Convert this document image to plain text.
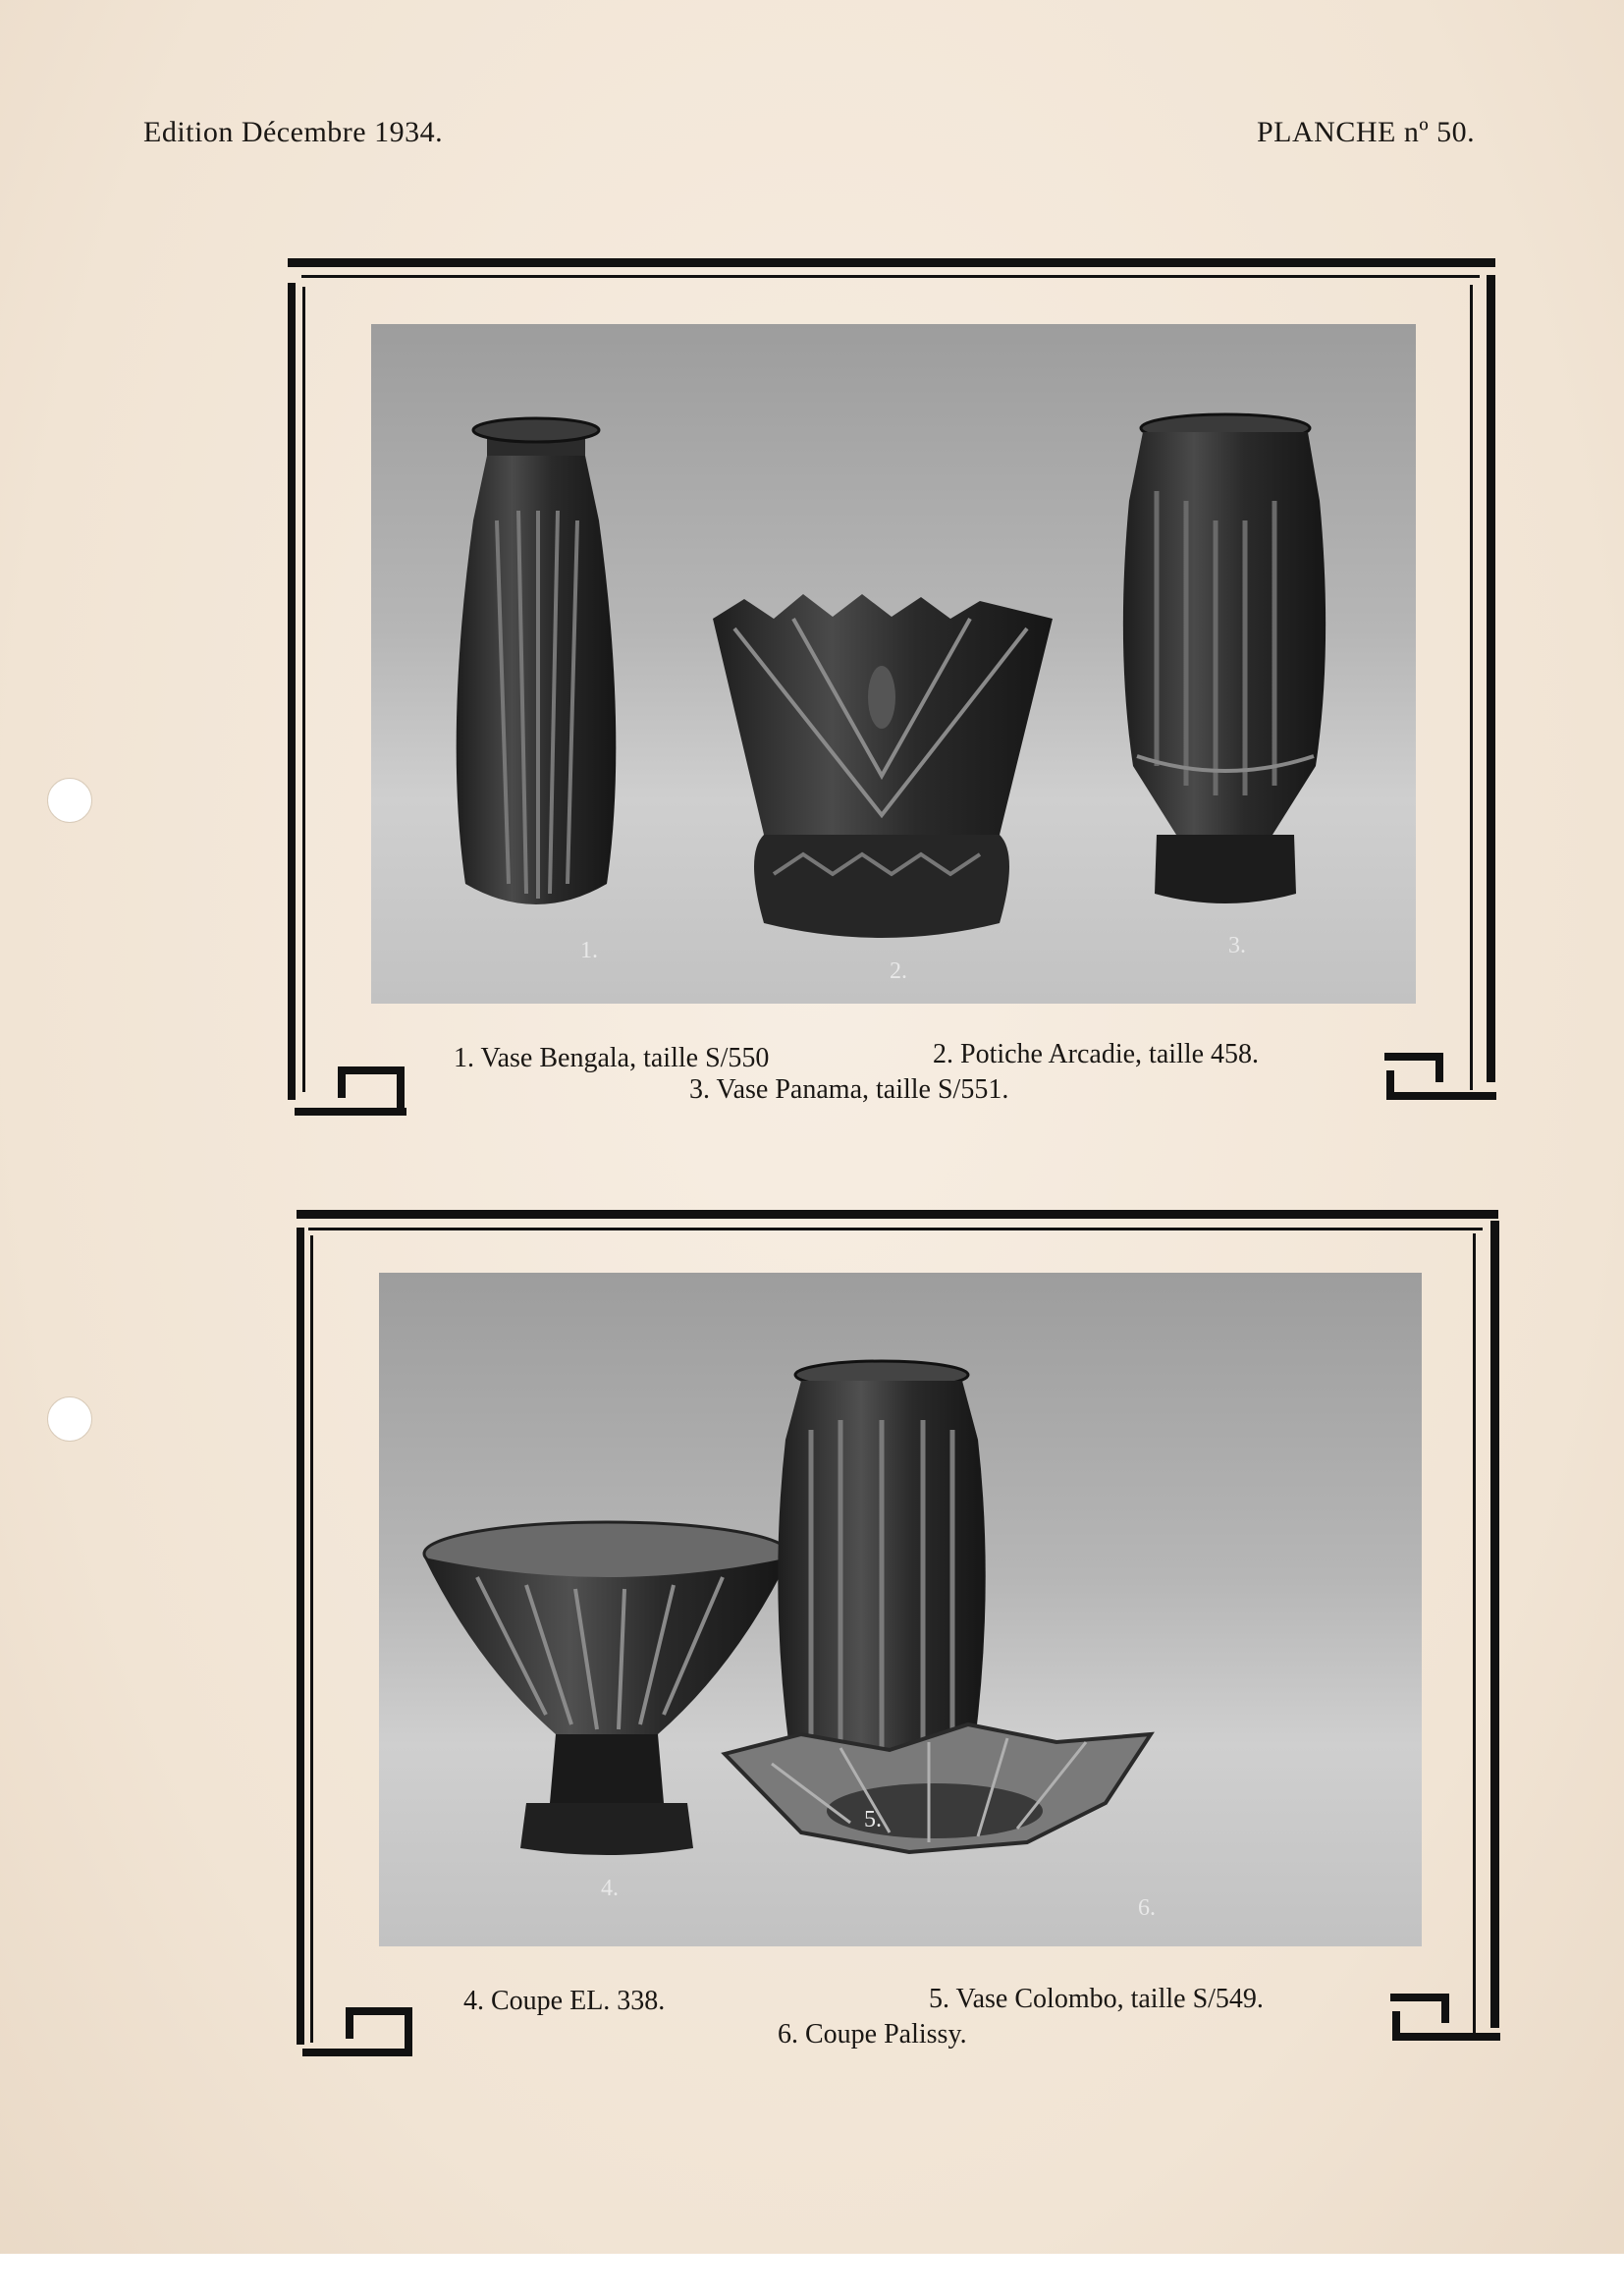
Edition Décembre 1934.	PLANCHE nº 50.
1.
2.
3.
1. Vase Bengala, taille S/550	2. Potiche Arcadie, taille 458.
3. Vase Panama, taille S/551.
4.
5.
6.
4. Coupe EL. 338.	5. Vase Colombo, taille S/549.
6. Coupe Palissy.
